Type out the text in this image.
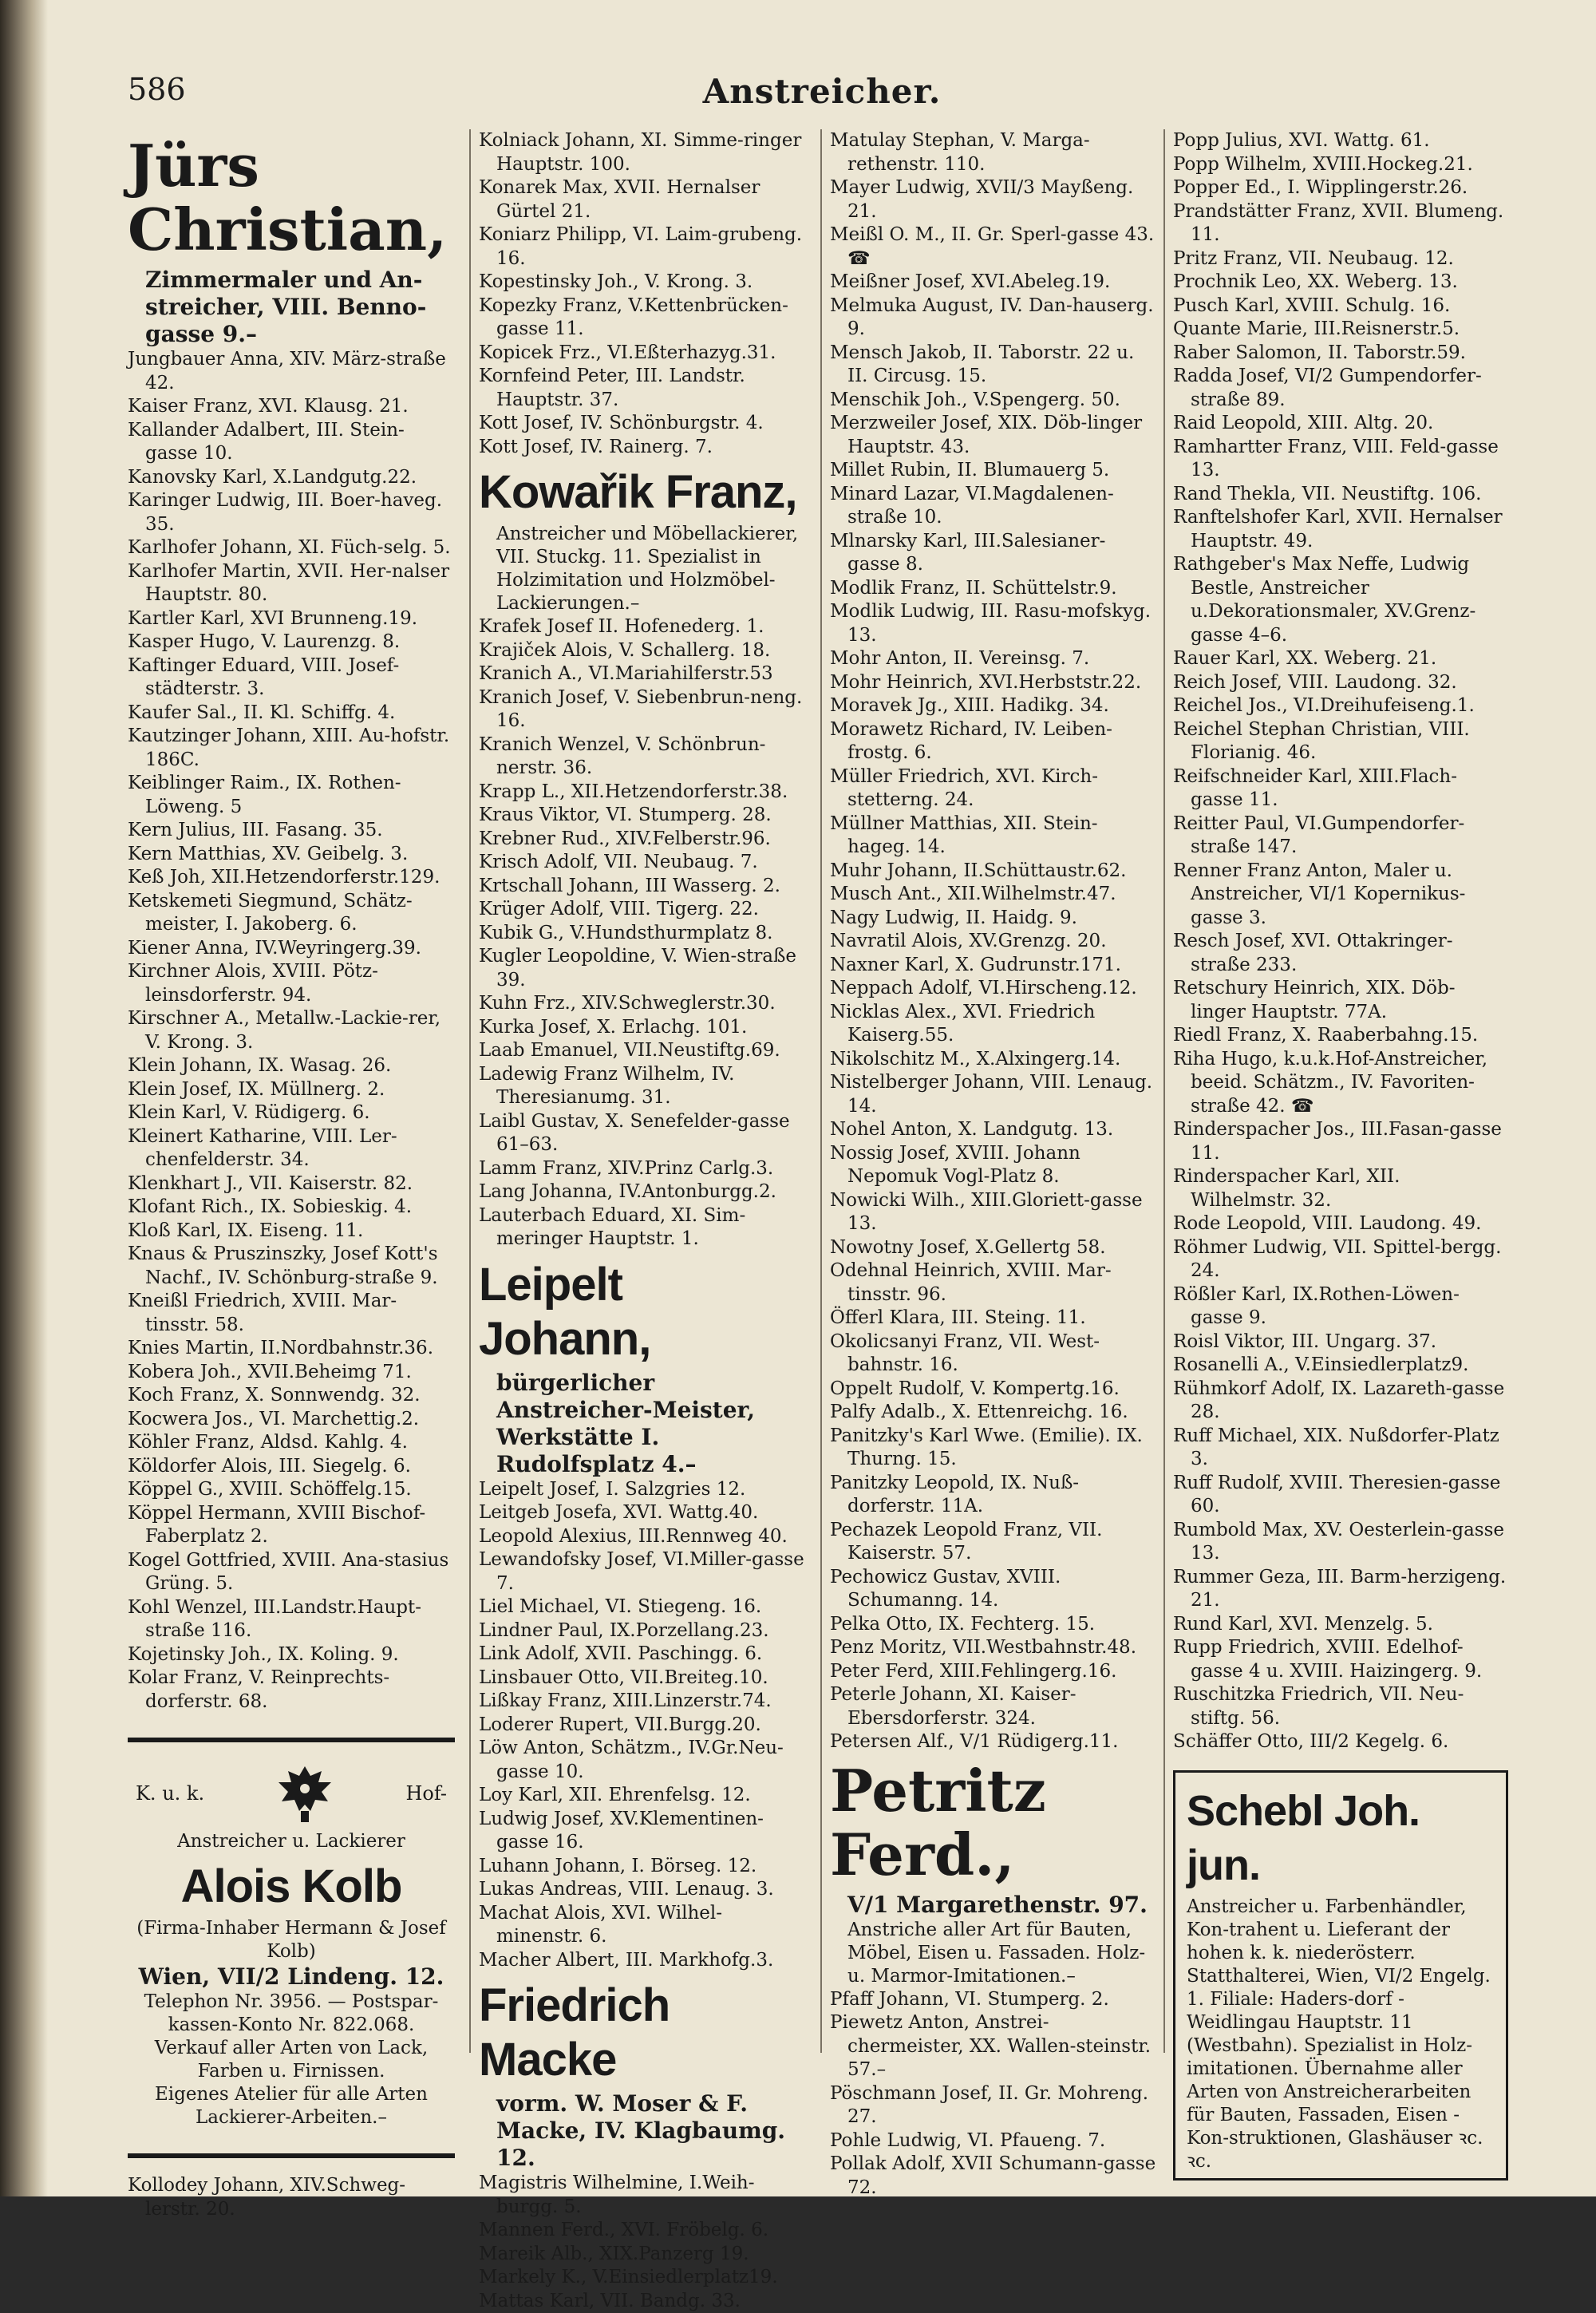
586	Anstreicher.
Jürs Christian,
Zimmermaler und An-
streicher, VIII. Benno-
gasse 9.–

Jungbauer Anna, XIV. März-straße 42.

Kaiser Franz, XVI. Klausg. 21.

Kallander Adalbert, III. Stein-gasse 10.

Kanovsky Karl, X.Landgutg.22.

Karinger Ludwig, III. Boer-haveg. 35.

Karlhofer Johann, XI. Füch-selg. 5.

Karlhofer Martin, XVII. Her-nalser Hauptstr. 80.

Kartler Karl, XVI Brunneng.19.

Kasper Hugo, V. Laurenzg. 8.

Kaftinger Eduard, VIII. Josef-städterstr. 3.

Kaufer Sal., II. Kl. Schiffg. 4.

Kautzinger Johann, XIII. Au-hofstr. 186C.

Keiblinger Raim., IX. Rothen-Löweng. 5

Kern Julius, III. Fasang. 35.

Kern Matthias, XV. Geibelg. 3.

Keß Joh, XII.Hetzendorferstr.129.

Ketskemeti Siegmund, Schätz-meister, I. Jakoberg. 6.

Kiener Anna, IV.Weyringerg.39.

Kirchner Alois, XVIII. Pötz-leinsdorferstr. 94.

Kirschner A., Metallw.-Lackie-rer, V. Krong. 3.

Klein Johann, IX. Wasag. 26.

Klein Josef, IX. Müllnerg. 2.

Klein Karl, V. Rüdigerg. 6.

Kleinert Katharine, VIII. Ler-chenfelderstr. 34.

Klenkhart J., VII. Kaiserstr. 82.

Klofant Rich., IX. Sobieskig. 4.

Kloß Karl, IX. Eiseng. 11.

Knaus & Pruszinszky, Josef Kott's Nachf., IV. Schönburg-straße 9.

Kneißl Friedrich, XVIII. Mar-tinsstr. 58.

Knies Martin, II.Nordbahnstr.36.

Kobera Joh., XVII.Beheimg 71.

Koch Franz, X. Sonnwendg. 32.

Kocwera Jos., VI. Marchettig.2.

Köhler Franz, Aldsd. Kahlg. 4.

Köldorfer Alois, III. Siegelg. 6.

Köppel G., XVIII. Schöffelg.15.

Köppel Hermann, XVIII Bischof-Faberplatz 2.

Kogel Gottfried, XVIII. Ana-stasius Grüng. 5.

Kohl Wenzel, III.Landstr.Haupt-straße 116.

Kojetinsky Joh., IX. Koling. 9.

Kolar Franz, V. Reinprechts-dorferstr. 68.

K. u. k.	Hof-
Anstreicher u. Lackierer
Alois Kolb
(Firma-Inhaber Hermann & Josef Kolb)
Wien, VII/2 Lindeng. 12.
Telephon Nr. 3956. — Postspar-kassen-Konto Nr. 822.068.
Verkauf aller Arten von Lack, Farben u. Firnissen.
Eigenes Atelier für alle Arten Lackierer-Arbeiten.–

Kollodey Johann, XIV.Schweg-lerstr. 20.

Kolniack Johann, XI. Simme-ringer Hauptstr. 100.

Konarek Max, XVII. Hernalser Gürtel 21.

Koniarz Philipp, VI. Laim-grubeng. 16.

Kopestinsky Joh., V. Krong. 3.

Kopezky Franz, V.Kettenbrücken-gasse 11.

Kopicek Frz., VI.Eßterhazyg.31.

Kornfeind Peter, III. Landstr. Hauptstr. 37.

Kott Josef, IV. Schönburgstr. 4.

Kott Josef, IV. Rainerg. 7.

Kowařik Franz,
Anstreicher und Möbellackierer, VII. Stuckg. 11. Spezialist in Holzimitation und Holzmöbel-Lackierungen.–

Krafek Josef II. Hofenederg. 1.

Krajiček Alois, V. Schallerg. 18.

Kranich A., VI.Mariahilferstr.53

Kranich Josef, V. Siebenbrun-neng. 16.

Kranich Wenzel, V. Schönbrun-nerstr. 36.

Krapp L., XII.Hetzendorferstr.38.

Kraus Viktor, VI. Stumperg. 28.

Krebner Rud., XIV.Felberstr.96.

Krisch Adolf, VII. Neubaug. 7.

Krtschall Johann, III Wasserg. 2.

Krüger Adolf, VIII. Tigerg. 22.

Kubik G., V.Hundsthurmplatz 8.

Kugler Leopoldine, V. Wien-straße 39.

Kuhn Frz., XIV.Schweglerstr.30.

Kurka Josef, X. Erlachg. 101.

Laab Emanuel, VII.Neustiftg.69.

Ladewig Franz Wilhelm, IV. Theresianumg. 31.

Laibl Gustav, X. Senefelder-gasse 61–63.

Lamm Franz, XIV.Prinz Carlg.3.

Lang Johanna, IV.Antonburgg.2.

Lauterbach Eduard, XI. Sim-meringer Hauptstr. 1.

Leipelt Johann,
bürgerlicher Anstreicher-Meister, Werkstätte I. Rudolfsplatz 4.–

Leipelt Josef, I. Salzgries 12.

Leitgeb Josefa, XVI. Wattg.40.

Leopold Alexius, III.Rennweg 40.

Lewandofsky Josef, VI.Miller-gasse 7.

Liel Michael, VI. Stiegeng. 16.

Lindner Paul, IX.Porzellang.23.

Link Adolf, XVII. Paschingg. 6.

Linsbauer Otto, VII.Breiteg.10.

Lißkay Franz, XIII.Linzerstr.74.

Loderer Rupert, VII.Burgg.20.

Löw Anton, Schätzm., IV.Gr.Neu-gasse 10.

Loy Karl, XII. Ehrenfelsg. 12.

Ludwig Josef, XV.Klementinen-gasse 16.

Luhann Johann, I. Börseg. 12.

Lukas Andreas, VIII. Lenaug. 3.

Machat Alois, XVI. Wilhel-minenstr. 6.

Macher Albert, III. Markhofg.3.

Friedrich Macke
vorm. W. Moser & F. Macke, IV. Klagbaumg. 12.

Magistris Wilhelmine, I.Weih-burgg. 5.

Mannen Ferd., XVI. Fröbelg. 6.

Mareik Alb., XIX.Panzerg 19.

Markely K., V.Einsiedlerplatz19.

Mattas Karl, VII. Bandg. 33.

Matulay Stephan, V. Marga-rethenstr. 110.

Mayer Ludwig, XVII/3 Mayßeng. 21.

Meißl O. M., II. Gr. Sperl-gasse 43. ☎

Meißner Josef, XVI.Abeleg.19.

Melmuka August, IV. Dan-hauserg. 9.

Mensch Jakob, II. Taborstr. 22 u. II. Circusg. 15.

Menschik Joh., V.Spengerg. 50.

Merzweiler Josef, XIX. Döb-linger Hauptstr. 43.

Millet Rubin, II. Blumauerg 5.

Minard Lazar, VI.Magdalenen-straße 10.

Mlnarsky Karl, III.Salesianer-gasse 8.

Modlik Franz, II. Schüttelstr.9.

Modlik Ludwig, III. Rasu-mofskyg. 13.

Mohr Anton, II. Vereinsg. 7.

Mohr Heinrich, XVI.Herbststr.22.

Moravek Jg., XIII. Hadikg. 34.

Morawetz Richard, IV. Leiben-frostg. 6.

Müller Friedrich, XVI. Kirch-stetterng. 24.

Müllner Matthias, XII. Stein-hageg. 14.

Muhr Johann, II.Schüttaustr.62.

Musch Ant., XII.Wilhelmstr.47.

Nagy Ludwig, II. Haidg. 9.

Navratil Alois, XV.Grenzg. 20.

Naxner Karl, X. Gudrunstr.171.

Neppach Adolf, VI.Hirscheng.12.

Nicklas Alex., XVI. Friedrich Kaiserg.55.

Nikolschitz M., X.Alxingerg.14.

Nistelberger Johann, VIII. Lenaug. 14.

Nohel Anton, X. Landgutg. 13.

Nossig Josef, XVIII. Johann Nepomuk Vogl-Platz 8.

Nowicki Wilh., XIII.Gloriett-gasse 13.

Nowotny Josef, X.Gellertg 58.

Odehnal Heinrich, XVIII. Mar-tinsstr. 96.

Öfferl Klara, III. Steing. 11.

Okolicsanyi Franz, VII. West-bahnstr. 16.

Oppelt Rudolf, V. Kompertg.16.

Palfy Adalb., X. Ettenreichg. 16.

Panitzky's Karl Wwe. (Emilie). IX. Thurng. 15.

Panitzky Leopold, IX. Nuß-dorferstr. 11A.

Pechazek Leopold Franz, VII. Kaiserstr. 57.

Pechowicz Gustav, XVIII. Schumanng. 14.

Pelka Otto, IX. Fechterg. 15.

Penz Moritz, VII.Westbahnstr.48.

Peter Ferd, XIII.Fehlingerg.16.

Peterle Johann, XI. Kaiser-Ebersdorferstr. 324.

Petersen Alf., V/1 Rüdigerg.11.

Petritz Ferd.,
V/1 Margarethenstr. 97.
Anstriche aller Art für Bauten, Möbel, Eisen u. Fassaden. Holz- u. Marmor-Imitationen.–

Pfaff Johann, VI. Stumperg. 2.

Piewetz Anton, Anstrei-chermeister, XX. Wallen-steinstr. 57.–

Pöschmann Josef, II. Gr. Mohreng. 27.

Pohle Ludwig, VI. Pfaueng. 7.

Pollak Adolf, XVII Schumann-gasse 72.

Popp Julius, XVI. Wattg. 61.

Popp Wilhelm, XVIII.Hockeg.21.

Popper Ed., I. Wipplingerstr.26.

Prandstätter Franz, XVII. Blumeng. 11.

Pritz Franz, VII. Neubaug. 12.

Prochnik Leo, XX. Weberg. 13.

Pusch Karl, XVIII. Schulg. 16.

Quante Marie, III.Reisnerstr.5.

Raber Salomon, II. Taborstr.59.

Radda Josef, VI/2 Gumpendorfer-straße 89.

Raid Leopold, XIII. Altg. 20.

Ramhartter Franz, VIII. Feld-gasse 13.

Rand Thekla, VII. Neustiftg. 106.

Ranftelshofer Karl, XVII. Hernalser Hauptstr. 49.

Rathgeber's Max Neffe, Ludwig Bestle, Anstreicher u.Dekorationsmaler, XV.Grenz-gasse 4–6.

Rauer Karl, XX. Weberg. 21.

Reich Josef, VIII. Laudong. 32.

Reichel Jos., VI.Dreihufeiseng.1.

Reichel Stephan Christian, VIII. Florianig. 46.

Reifschneider Karl, XIII.Flach-gasse 11.

Reitter Paul, VI.Gumpendorfer-straße 147.

Renner Franz Anton, Maler u. Anstreicher, VI/1 Kopernikus-gasse 3.

Resch Josef, XVI. Ottakringer-straße 233.

Retschury Heinrich, XIX. Döb-linger Hauptstr. 77A.

Riedl Franz, X. Raaberbahng.15.

Riha Hugo, k.u.k.Hof-Anstreicher, beeid. Schätzm., IV. Favoriten-straße 42. ☎

Rinderspacher Jos., III.Fasan-gasse 11.

Rinderspacher Karl, XII. Wilhelmstr. 32.

Rode Leopold, VIII. Laudong. 49.

Röhmer Ludwig, VII. Spittel-bergg. 24.

Rößler Karl, IX.Rothen-Löwen-gasse 9.

Roisl Viktor, III. Ungarg. 37.

Rosanelli A., V.Einsiedlerplatz9.

Rühmkorf Adolf, IX. Lazareth-gasse 28.

Ruff Michael, XIX. Nußdorfer-Platz 3.

Ruff Rudolf, XVIII. Theresien-gasse 60.

Rumbold Max, XV. Oesterlein-gasse 13.

Rummer Geza, III. Barm-herzigeng. 21.

Rund Karl, XVI. Menzelg. 5.

Rupp Friedrich, XVIII. Edelhof-gasse 4 u. XVIII. Haizingerg. 9.

Ruschitzka Friedrich, VII. Neu-stiftg. 56.

Schäffer Otto, III/2 Kegelg. 6.

Schebl Joh. jun.
Anstreicher u. Farbenhändler, Kon-trahent u. Lieferant der hohen k. k. niederösterr. Statthalterei, Wien, VI/2 Engelg. 1. Filiale: Haders-dorf - Weidlingau Hauptstr. 11 (Westbahn). Spezialist in Holz-imitationen. Übernahme aller Arten von Anstreicherarbeiten für Bauten, Fassaden, Eisen - Kon-struktionen, Glashäuser ꝛc. ꝛc.
